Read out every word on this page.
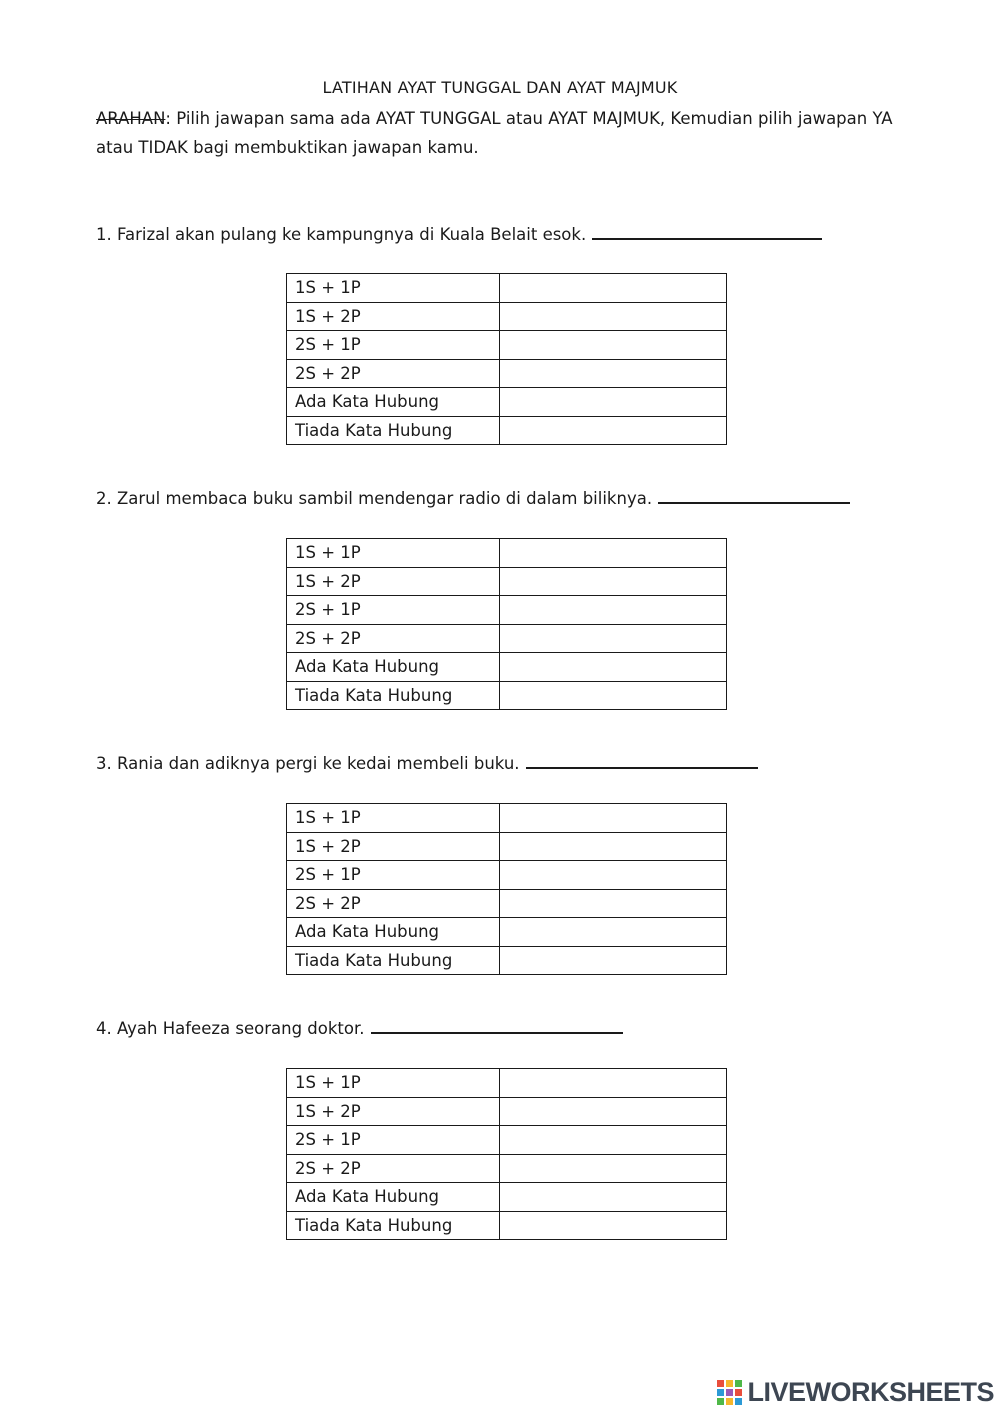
LATIHAN AYAT TUNGGAL DAN AYAT MAJMUK
ARAHAN: Pilih jawapan sama ada AYAT TUNGGAL atau AYAT MAJMUK, Kemudian pilih jawapan YA atau TIDAK bagi membuktikan jawapan kamu.
1. Farizal akan pulang ke kampungnya di Kuala Belait esok.
1S + 1P	
1S + 2P	
2S + 1P	
2S + 2P	
Ada Kata Hubung	
Tiada Kata Hubung	
2. Zarul membaca buku sambil mendengar radio di dalam biliknya.
1S + 1P	
1S + 2P	
2S + 1P	
2S + 2P	
Ada Kata Hubung	
Tiada Kata Hubung	
3. Rania dan adiknya pergi ke kedai membeli buku.
1S + 1P	
1S + 2P	
2S + 1P	
2S + 2P	
Ada Kata Hubung	
Tiada Kata Hubung	
4. Ayah Hafeeza seorang doktor.
1S + 1P	
1S + 2P	
2S + 1P	
2S + 2P	
Ada Kata Hubung	
Tiada Kata Hubung	
LIVEWORKSHEETS
